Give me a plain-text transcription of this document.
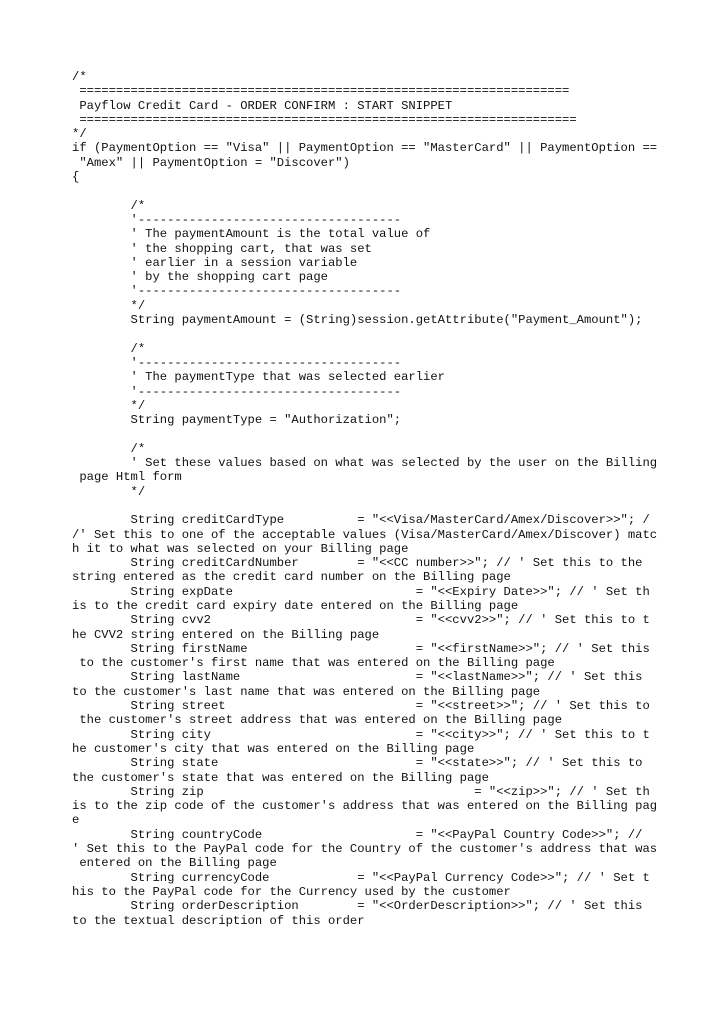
/*
===================================================================
Payflow Credit Card - ORDER CONFIRM : START SNIPPET
====================================================================
*/
if (PaymentOption == "Visa" || PaymentOption == "MasterCard" || PaymentOption ==
"Amex" || PaymentOption = "Discover")
{
/*
'------------------------------------
' The paymentAmount is the total value of
' the shopping cart, that was set
' earlier in a session variable
' by the shopping cart page
'------------------------------------
*/
String paymentAmount = (String)session.getAttribute("Payment_Amount");
/*
'------------------------------------
' The paymentType that was selected earlier
'------------------------------------
*/
String paymentType = "Authorization";
/*
' Set these values based on what was selected by the user on the Billing
page Html form
*/
String creditCardType          = "<<Visa/MasterCard/Amex/Discover>>"; /
/' Set this to one of the acceptable values (Visa/MasterCard/Amex/Discover) matc
h it to what was selected on your Billing page
String creditCardNumber        = "<<CC number>>"; // ' Set this to the
string entered as the credit card number on the Billing page
String expDate                         = "<<Expiry Date>>"; // ' Set th
is to the credit card expiry date entered on the Billing page
String cvv2                            = "<<cvv2>>"; // ' Set this to t
he CVV2 string entered on the Billing page
String firstName                       = "<<firstName>>"; // ' Set this
to the customer's first name that was entered on the Billing page
String lastName                        = "<<lastName>>"; // ' Set this
to the customer's last name that was entered on the Billing page
String street                          = "<<street>>"; // ' Set this to
the customer's street address that was entered on the Billing page
String city                            = "<<city>>"; // ' Set this to t
he customer's city that was entered on the Billing page
String state                           = "<<state>>"; // ' Set this to
the customer's state that was entered on the Billing page
String zip                                     = "<<zip>>"; // ' Set th
is to the zip code of the customer's address that was entered on the Billing pag
e
String countryCode                     = "<<PayPal Country Code>>"; //
' Set this to the PayPal code for the Country of the customer's address that was
entered on the Billing page
String currencyCode            = "<<PayPal Currency Code>>"; // ' Set t
his to the PayPal code for the Currency used by the customer
String orderDescription        = "<<OrderDescription>>"; // ' Set this
to the textual description of this order
